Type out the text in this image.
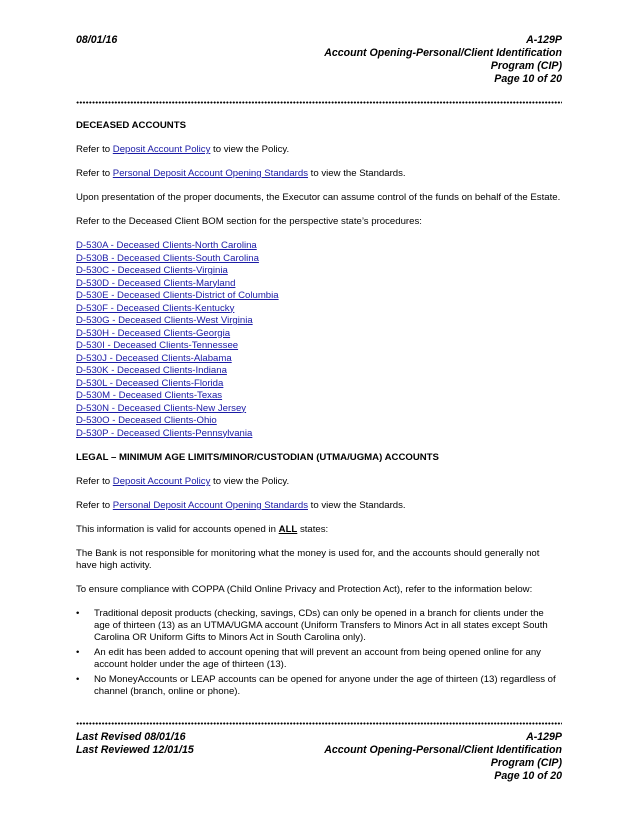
08/01/16	A-129P
Account Opening-Personal/Client Identification
Program (CIP)
Page 10 of 20

DECEASED ACCOUNTS

Refer to Deposit Account Policy to view the Policy.

Refer to Personal Deposit Account Opening Standards to view the Standards.

Upon presentation of the proper documents, the Executor can assume control of the funds on behalf of the Estate.

Refer to the Deceased Client BOM section for the perspective state’s procedures:

D-530A - Deceased Clients-North Carolina
D-530B - Deceased Clients-South Carolina
D-530C - Deceased Clients-Virginia
D-530D - Deceased Clients-Maryland
D-530E - Deceased Clients-District of Columbia
D-530F - Deceased Clients-Kentucky
D-530G - Deceased Clients-West Virginia
D-530H - Deceased Clients-Georgia
D-530I - Deceased Clients-Tennessee
D-530J - Deceased Clients-Alabama
D-530K - Deceased Clients-Indiana
D-530L - Deceased Clients-Florida
D-530M - Deceased Clients-Texas
D-530N - Deceased Clients-New Jersey
D-530O - Deceased Clients-Ohio
D-530P - Deceased Clients-Pennsylvania

LEGAL – MINIMUM AGE LIMITS/MINOR/CUSTODIAN (UTMA/UGMA) ACCOUNTS

Refer to Deposit Account Policy to view the Policy.

Refer to Personal Deposit Account Opening Standards to view the Standards.

This information is valid for accounts opened in ALL states:

The Bank is not responsible for monitoring what the money is used for, and the accounts should generally not have high activity.

To ensure compliance with COPPA (Child Online Privacy and Protection Act), refer to the information below:

• Traditional deposit products (checking, savings, CDs) can only be opened in a branch for clients under the age of thirteen (13) as an UTMA/UGMA account (Uniform Transfers to Minors Act in all states except South Carolina OR Uniform Gifts to Minors Act in South Carolina only).
• An edit has been added to account opening that will prevent an account from being opened online for any account holder under the age of thirteen (13).
• No MoneyAccounts or LEAP accounts can be opened for anyone under the age of thirteen (13) regardless of channel (branch, online or phone).
Last Revised 08/01/16
Last Reviewed 12/01/15
A-129P
Account Opening-Personal/Client Identification
Program (CIP)
Page 10 of 20
